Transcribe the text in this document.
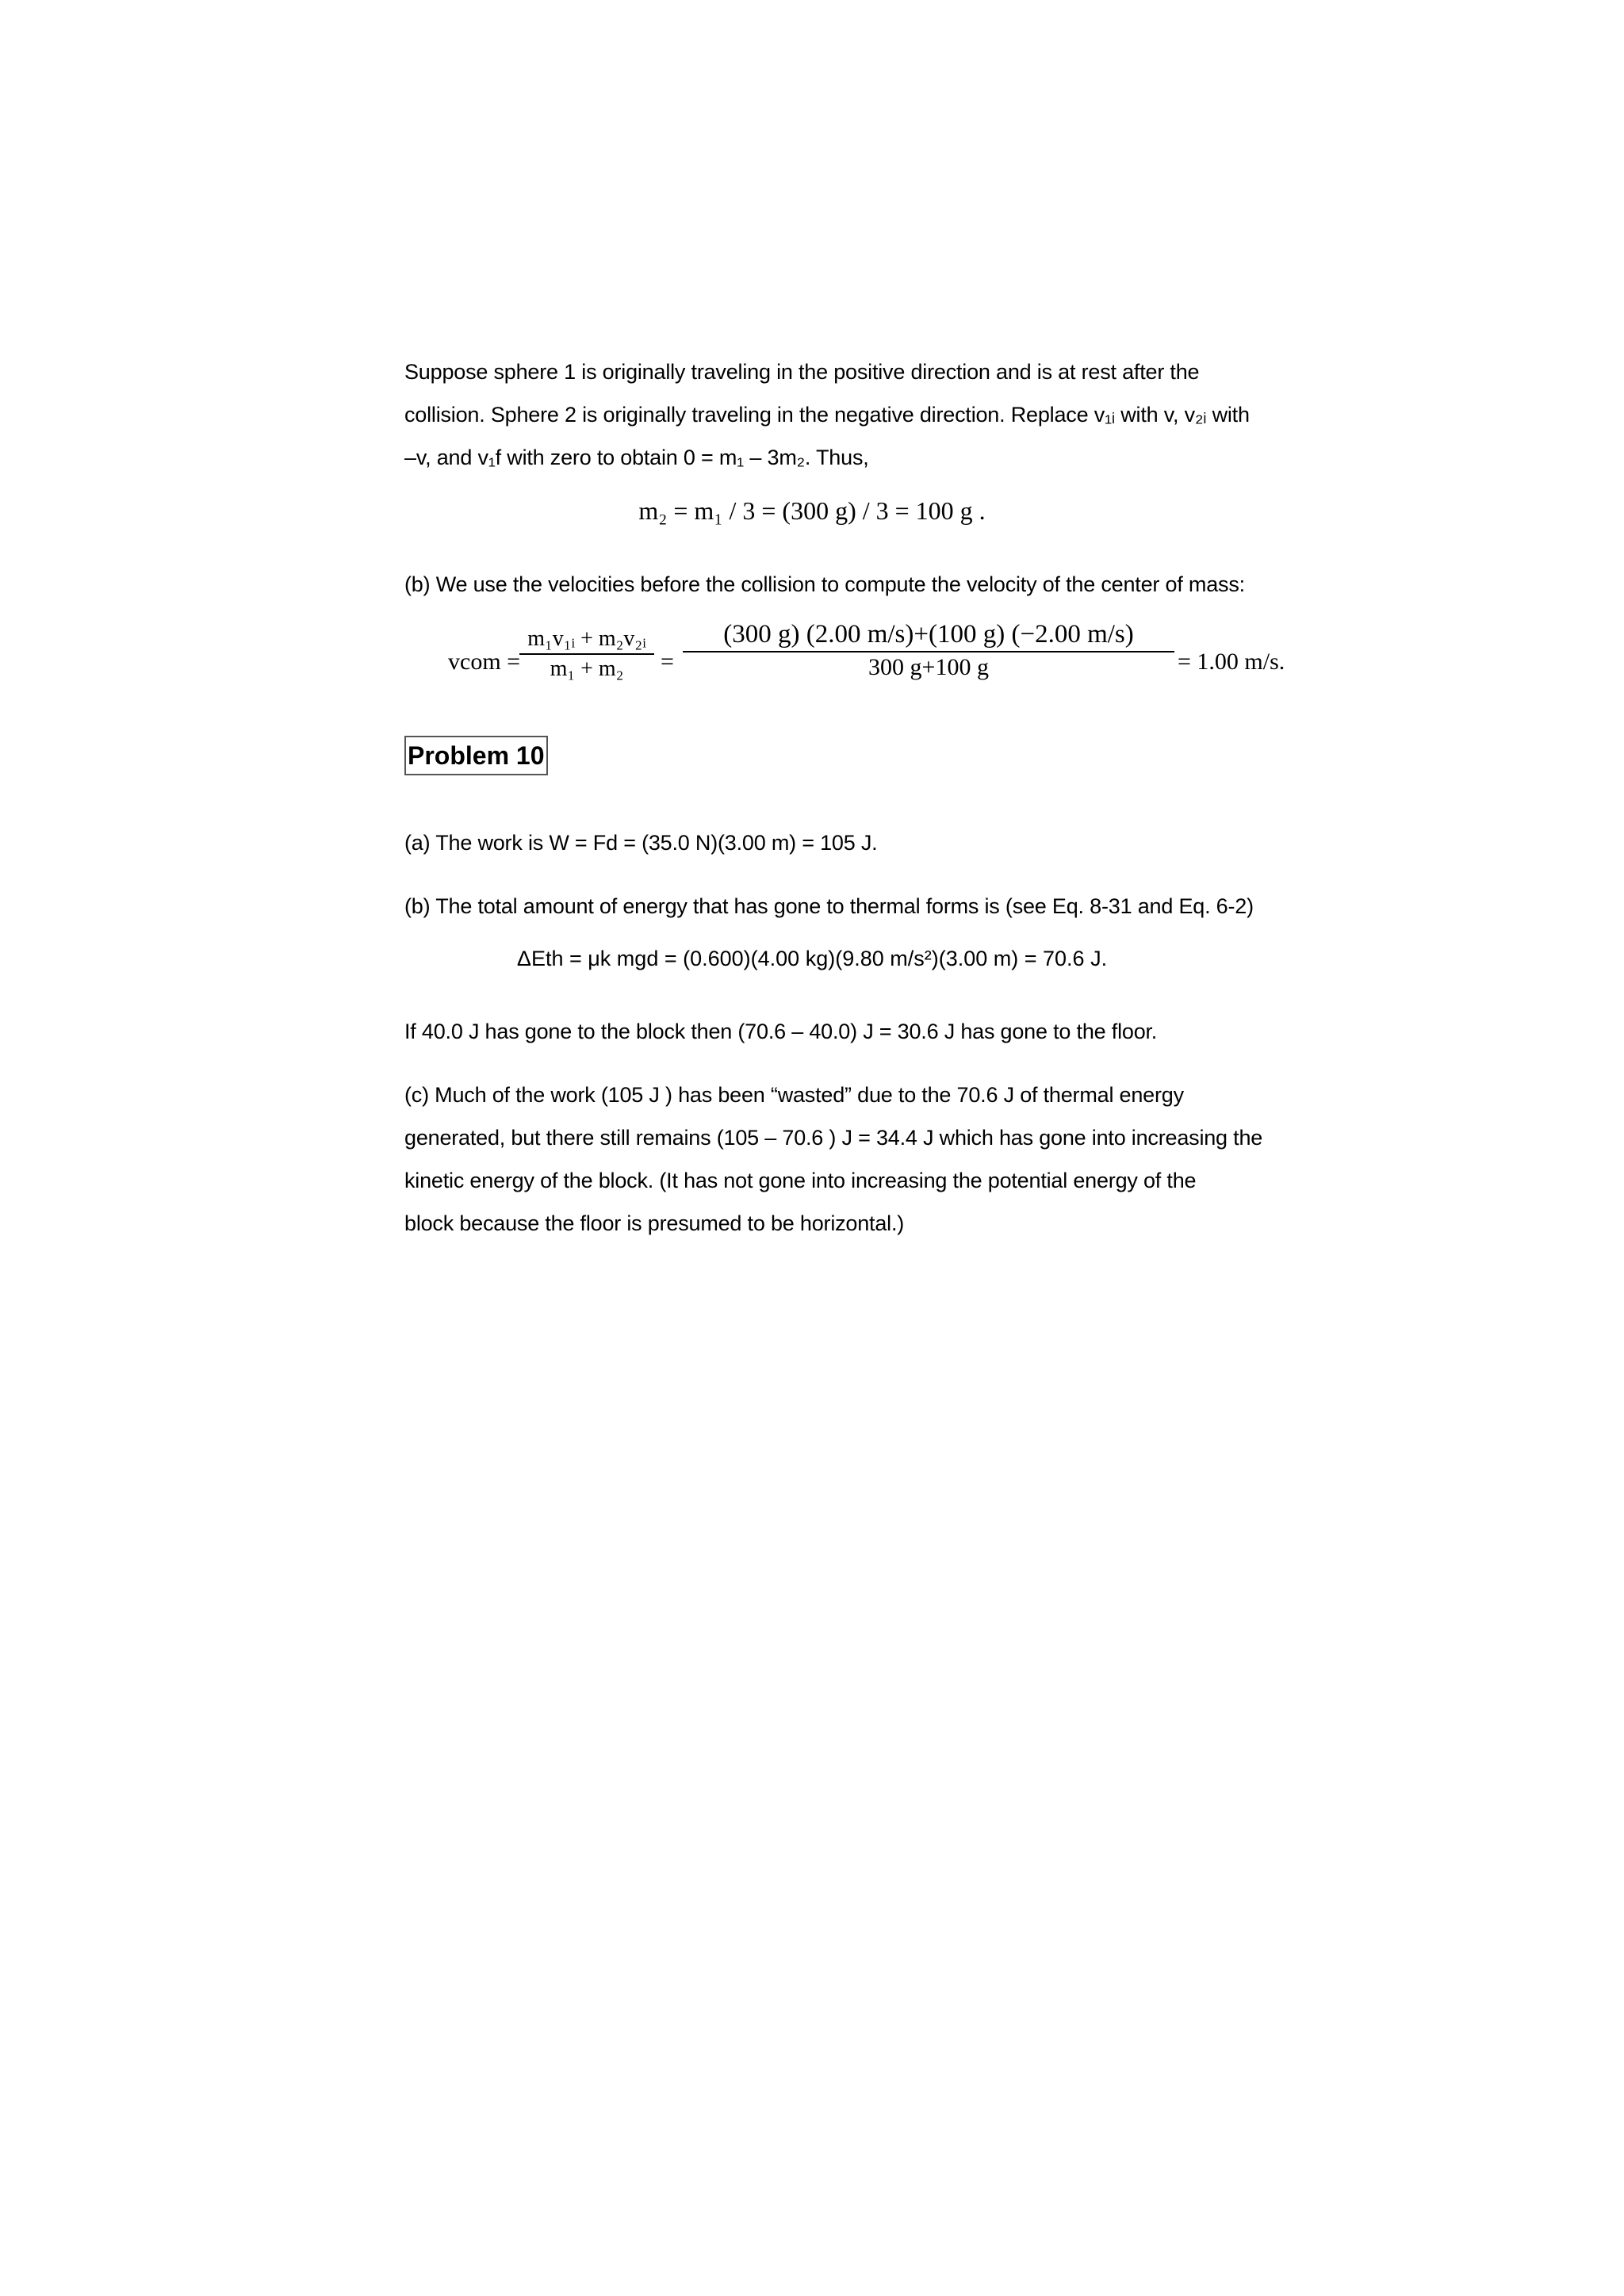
Suppose sphere 1 is originally traveling in the positive direction and is at rest after the
collision. Sphere 2 is originally traveling in the negative direction. Replace v₁ᵢ with v, v₂ᵢ with
–v, and v₁f with zero to obtain 0 = m₁ – 3m₂. Thus,
m₂ = m₁ / 3 = (300 g) / 3 = 100 g .
(b) We use the velocities before the collision to compute the velocity of the center of mass:
vcom =
m₁v₁ᵢ + m₂v₂ᵢ
m₁ + m₂	=
(300 g) (2.00 m/s)+(100 g) (−2.00 m/s)
300 g+100 g	= 1.00 m/s.
Problem 10
(a) The work is W = Fd = (35.0 N)(3.00 m) = 105 J.
(b) The total amount of energy that has gone to thermal forms is (see Eq. 8-31 and Eq. 6-2)
ΔEth = μk mgd = (0.600)(4.00 kg)(9.80 m/s²)(3.00 m) = 70.6 J.
If 40.0 J has gone to the block then (70.6 – 40.0) J = 30.6 J has gone to the floor.
(c) Much of the work (105 J ) has been “wasted” due to the 70.6 J of thermal energy
generated, but there still remains (105 – 70.6 ) J = 34.4 J which has gone into increasing the
kinetic energy of the block. (It has not gone into increasing the potential energy of the
block because the floor is presumed to be horizontal.)
